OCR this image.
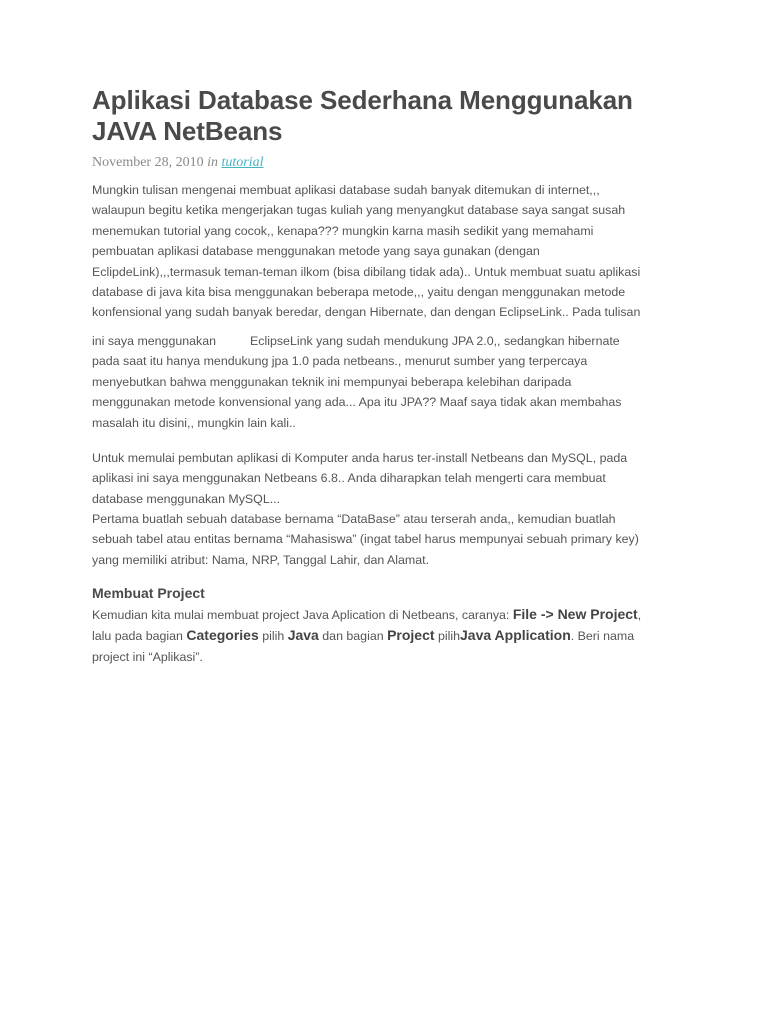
Aplikasi Database Sederhana Menggunakan
JAVA NetBeans
November 28, 2010 in tutorial
Mungkin tulisan mengenai membuat aplikasi database sudah banyak ditemukan di internet,,,
walaupun begitu ketika mengerjakan tugas kuliah yang menyangkut database saya sangat susah
menemukan tutorial yang cocok,, kenapa??? mungkin karna masih sedikit yang memahami
pembuatan aplikasi database menggunakan metode yang saya gunakan (dengan
EclipdeLink),,,termasuk teman-teman ilkom (bisa dibilang tidak ada).. Untuk membuat suatu aplikasi
database di java kita bisa menggunakan beberapa metode,,, yaitu dengan menggunakan metode
konfensional yang sudah banyak beredar, dengan Hibernate, dan dengan EclipseLink.. Pada tulisan
ini saya menggunakan	EclipseLink yang sudah mendukung JPA 2.0,, sedangkan hibernate
pada saat itu hanya mendukung jpa 1.0 pada netbeans., menurut sumber yang terpercaya
menyebutkan bahwa menggunakan teknik ini mempunyai beberapa kelebihan daripada
menggunakan metode konvensional yang ada... Apa itu JPA?? Maaf saya tidak akan membahas
masalah itu disini,, mungkin lain kali..
Untuk memulai pembutan aplikasi di Komputer anda harus ter-install Netbeans dan MySQL, pada
aplikasi ini saya menggunakan Netbeans 6.8.. Anda diharapkan telah mengerti cara membuat
database menggunakan MySQL...
Pertama buatlah sebuah database bernama “DataBase” atau terserah anda,, kemudian buatlah
sebuah tabel atau entitas bernama “Mahasiswa” (ingat tabel harus mempunyai sebuah primary key)
yang memiliki atribut: Nama, NRP, Tanggal Lahir, dan Alamat.
Membuat Project
Kemudian kita mulai membuat project Java Aplication di Netbeans, caranya: File -> New Project,
lalu pada bagian Categories pilih Java dan bagian Project pilihJava Application. Beri nama
project ini “Aplikasi”.
